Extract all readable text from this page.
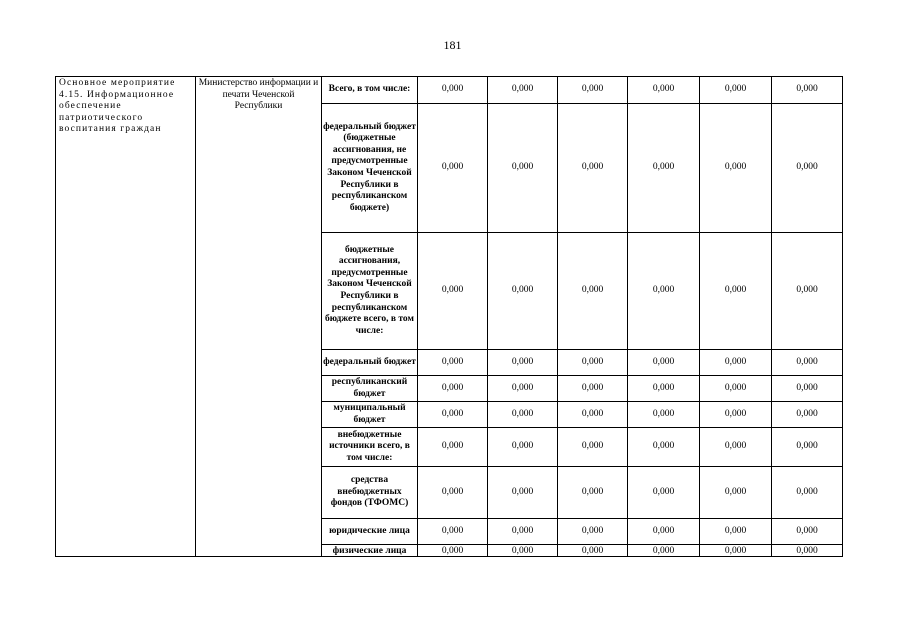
181
Основное мероприятие 4.15. Информационное обеспечение патриотического воспитания граждан	Министерство информации и печати Чеченской Республики	Всего, в том числе:	0,000	0,000	0,000	0,000	0,000	0,000
		федеральный бюджет (бюджетные ассигнования, не предусмотренные Законом Чеченской Республики в республиканском бюджете)	0,000	0,000	0,000	0,000	0,000	0,000
		бюджетные ассигнования, предусмотренные Законом Чеченской Республики в республиканском бюджете всего, в том числе:	0,000	0,000	0,000	0,000	0,000	0,000
		федеральный бюджет	0,000	0,000	0,000	0,000	0,000	0,000
		республиканский бюджет	0,000	0,000	0,000	0,000	0,000	0,000
		муниципальный бюджет	0,000	0,000	0,000	0,000	0,000	0,000
		внебюджетные источники всего, в том числе:	0,000	0,000	0,000	0,000	0,000	0,000
		средства внебюджетных фондов (ТФОМС)	0,000	0,000	0,000	0,000	0,000	0,000
		юридические лица	0,000	0,000	0,000	0,000	0,000	0,000
		физические лица	0,000	0,000	0,000	0,000	0,000	0,000
